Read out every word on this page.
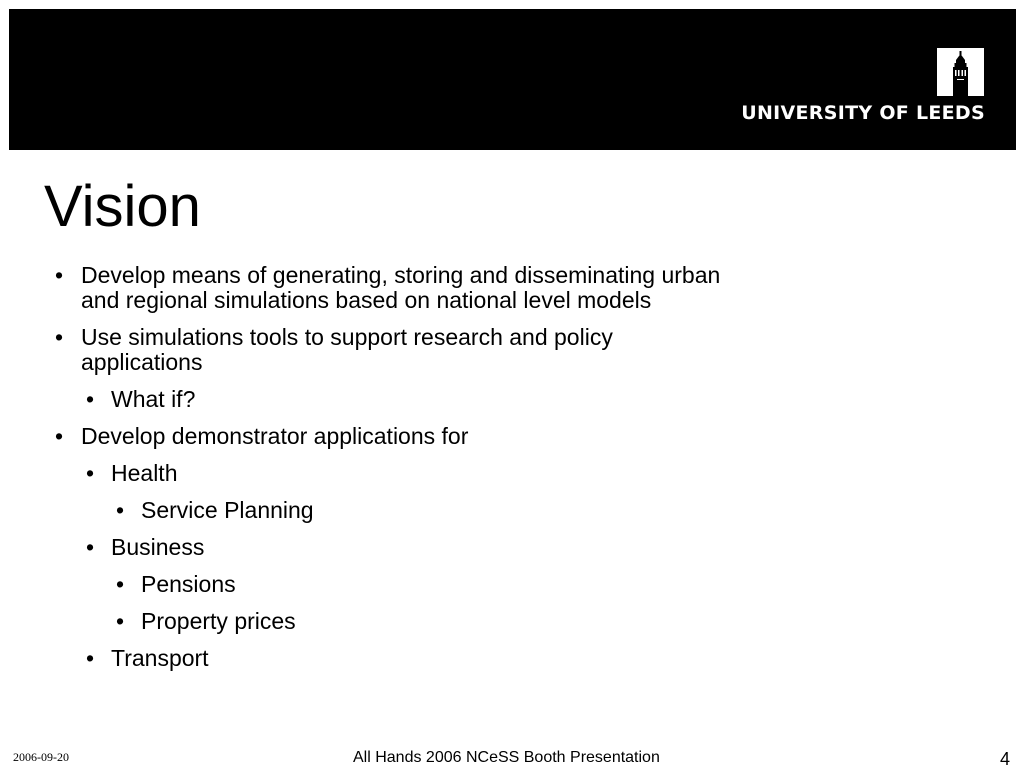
UNIVERSITY OF LEEDS
Vision
• Develop means of generating, storing and disseminating urban and regional simulations based on national level models
• Use simulations tools to support research and policy applications
• What if?
• Develop demonstrator applications for
• Health
• Service Planning
• Business
• Pensions
• Property prices
• Transport
2006-09-20	All Hands 2006 NCeSS Booth Presentation	4
